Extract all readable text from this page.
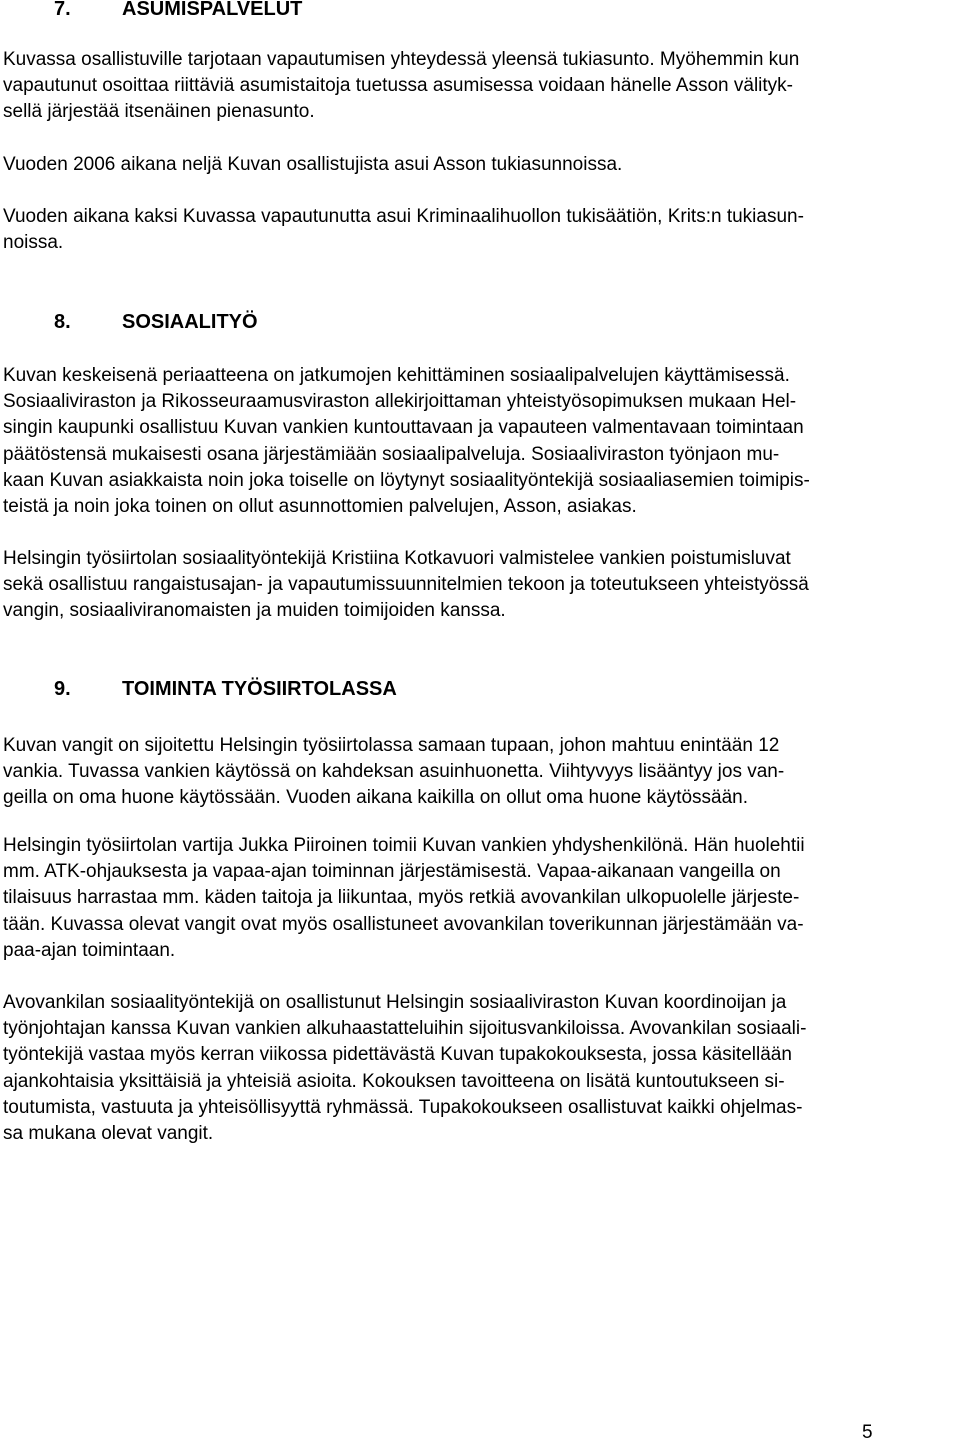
7.	ASUMISPALVELUT
Kuvassa osallistuville tarjotaan vapautumisen yhteydessä yleensä tukiasunto. Myöhemmin kun
vapautunut osoittaa riittäviä asumistaitoja tuetussa asumisessa voidaan hänelle Asson välityk-
sellä järjestää itsenäinen pienasunto.
Vuoden 2006 aikana neljä Kuvan osallistujista asui Asson tukiasunnoissa.
Vuoden aikana kaksi Kuvassa vapautunutta asui Kriminaalihuollon tukisäätiön, Krits:n tukiasun-
noissa.
8.	SOSIAALITYÖ
Kuvan keskeisenä periaatteena on jatkumojen kehittäminen sosiaalipalvelujen käyttämisessä.
Sosiaaliviraston ja Rikosseuraamusviraston allekirjoittaman yhteistyösopimuksen mukaan Hel-
singin kaupunki osallistuu Kuvan vankien kuntouttavaan ja vapauteen valmentavaan toimintaan
päätöstensä mukaisesti osana järjestämiään sosiaalipalveluja. Sosiaaliviraston työnjaon mu-
kaan Kuvan asiakkaista noin joka toiselle on löytynyt sosiaalityöntekijä sosiaaliasemien toimipis-
teistä ja noin joka toinen on ollut asunnottomien palvelujen, Asson, asiakas.
Helsingin työsiirtolan sosiaalityöntekijä Kristiina Kotkavuori valmistelee vankien poistumisluvat
sekä osallistuu rangaistusajan- ja vapautumissuunnitelmien tekoon ja toteutukseen yhteistyössä
vangin, sosiaaliviranomaisten ja muiden toimijoiden kanssa.
9.	TOIMINTA TYÖSIIRTOLASSA
Kuvan vangit on sijoitettu Helsingin työsiirtolassa samaan tupaan, johon mahtuu enintään 12
vankia. Tuvassa vankien käytössä on kahdeksan asuinhuonetta. Viihtyvyys lisääntyy jos van-
geilla on oma huone käytössään. Vuoden aikana kaikilla on ollut oma huone käytössään.
Helsingin työsiirtolan vartija Jukka Piiroinen toimii Kuvan vankien yhdyshenkilönä. Hän huolehtii
mm. ATK-ohjauksesta ja vapaa-ajan toiminnan järjestämisestä. Vapaa-aikanaan vangeilla on
tilaisuus harrastaa mm. käden taitoja ja liikuntaa, myös retkiä avovankilan ulkopuolelle järjeste-
tään. Kuvassa olevat vangit ovat myös osallistuneet avovankilan toverikunnan järjestämään va-
paa-ajan toimintaan.
Avovankilan sosiaalityöntekijä on osallistunut Helsingin sosiaaliviraston Kuvan koordinoijan ja
työnjohtajan kanssa Kuvan vankien alkuhaastatteluihin sijoitusvankiloissa. Avovankilan sosiaali-
työntekijä vastaa myös kerran viikossa pidettävästä Kuvan tupakokouksesta, jossa käsitellään
ajankohtaisia yksittäisiä ja yhteisiä asioita. Kokouksen tavoitteena on lisätä kuntoutukseen si-
toutumista, vastuuta ja yhteisöllisyyttä ryhmässä. Tupakokoukseen osallistuvat kaikki ohjelmas-
sa mukana olevat vangit.
5
